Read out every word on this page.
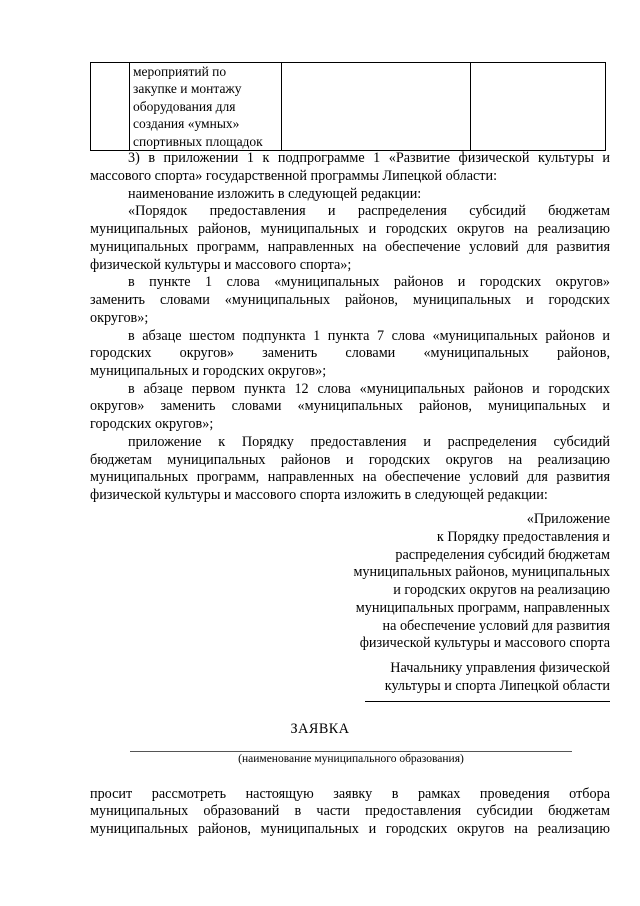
мероприятий по
закупке и монтажу
оборудования для
создания «умных»
спортивных площадок

3) в приложении 1 к подпрограмме 1 «Развитие физической культуры и
массового спорта» государственной программы Липецкой области:
наименование изложить в следующей редакции:
«Порядок предоставления и распределения субсидий бюджетам
муниципальных районов, муниципальных и городских округов на реализацию
муниципальных программ, направленных на обеспечение условий для развития
физической культуры и массового спорта»;
в пункте 1 слова «муниципальных районов и городских округов»
заменить словами «муниципальных районов, муниципальных и городских
округов»;
в абзаце шестом подпункта 1 пункта 7 слова «муниципальных районов и
городских округов» заменить словами «муниципальных районов,
муниципальных и городских округов»;
в абзаце первом пункта 12 слова «муниципальных районов и городских
округов» заменить словами «муниципальных районов, муниципальных и
городских округов»;
приложение к Порядку предоставления и распределения субсидий
бюджетам муниципальных районов и городских округов на реализацию
муниципальных программ, направленных на обеспечение условий для развития
физической культуры и массового спорта изложить в следующей редакции:
«Приложение
к Порядку предоставления и
распределения субсидий бюджетам
муниципальных районов, муниципальных
и городских округов на реализацию
муниципальных программ, направленных
на обеспечение условий для развития
физической культуры и массового спорта
Начальнику управления физической
культуры и спорта Липецкой области
ЗАЯВКА
(наименование муниципального образования)
просит рассмотреть настоящую заявку в рамках проведения отбора
муниципальных образований в части предоставления субсидии бюджетам
муниципальных районов, муниципальных и городских округов на реализацию
